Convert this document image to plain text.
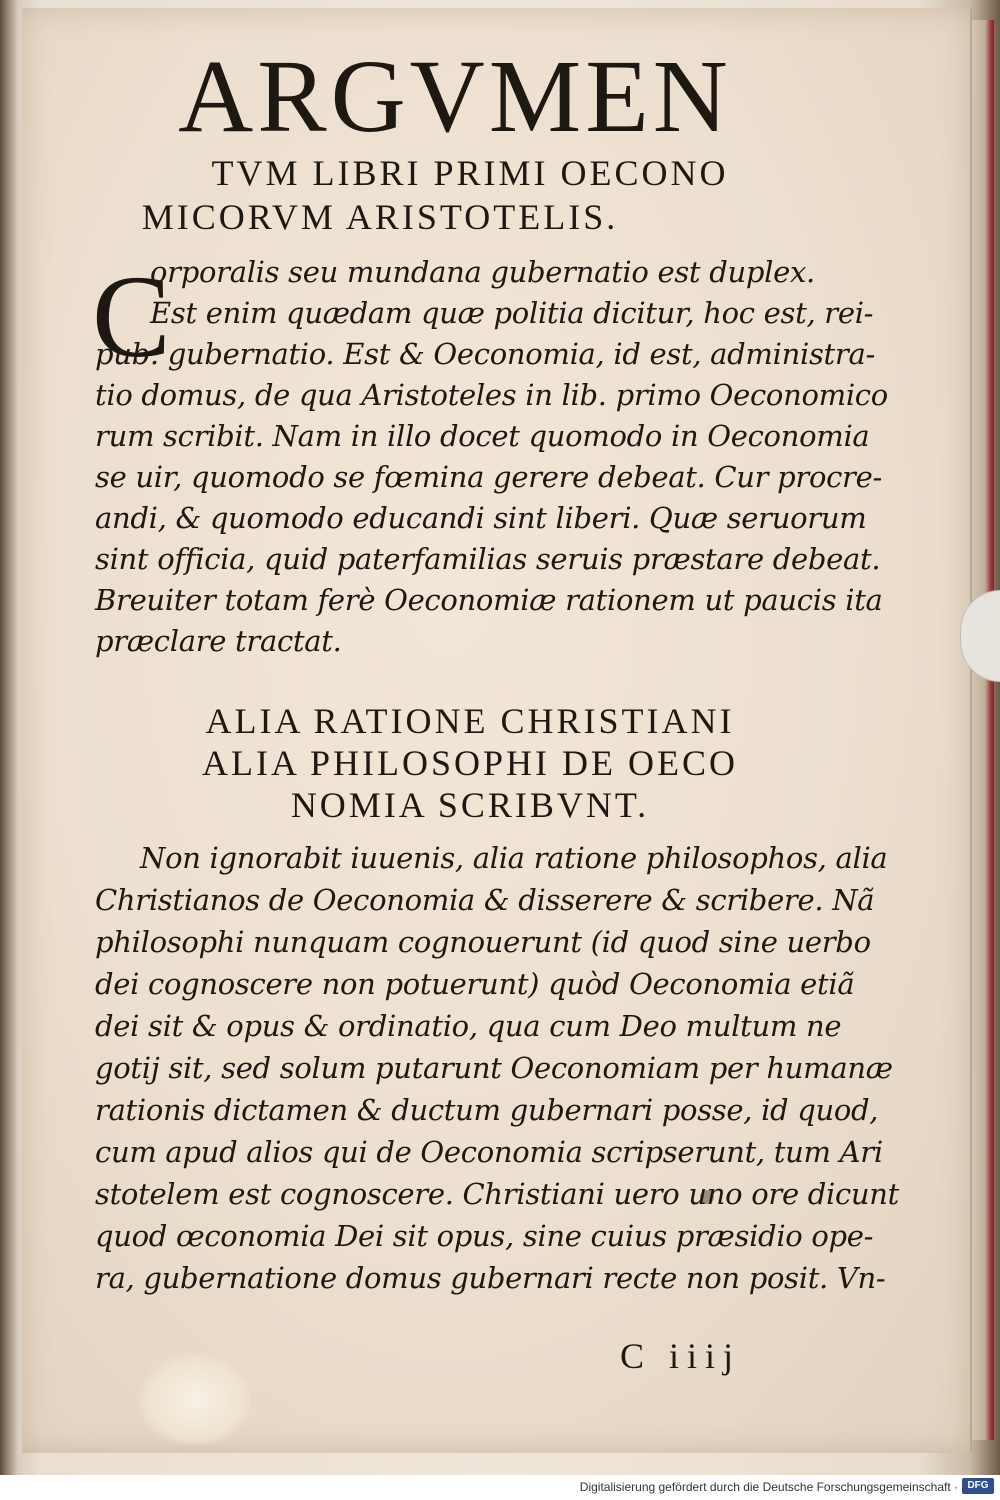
ARGVMEN
TVM LIBRI PRIMI OECONO
MICORVM ARISTOTELIS.
C
orporalis seu mundana gubernatio est duplex.
Est enim quædam quæ politia dicitur, hoc est, rei-
pub. gubernatio. Est & Oeconomia, id est, administra-
tio domus, de qua Aristoteles in lib. primo Oeconomico
rum scribit. Nam in illo docet quomodo in Oeconomia
se uir, quomodo se fœmina gerere debeat. Cur procre-
andi, & quomodo educandi sint liberi. Quæ seruorum
sint officia, quid paterfamilias seruis præstare debeat.
Breuiter totam ferè Oeconomiæ rationem ut paucis ita
præclare tractat.
ALIA RATIONE CHRISTIANI
ALIA PHILOSOPHI DE OECO
NOMIA SCRIBVNT.
Non ignorabit iuuenis, alia ratione philosophos, alia
Christianos de Oeconomia & disserere & scribere. Nã
philosophi nunquam cognouerunt (id quod sine uerbo
dei cognoscere non potuerunt) quòd Oeconomia etiã
dei sit & opus & ordinatio, qua cum Deo multum ne
gotij sit, sed solum putarunt Oeconomiam per humanæ
rationis dictamen & ductum gubernari posse, id quod,
cum apud alios qui de Oeconomia scripserunt, tum Ari
stotelem est cognoscere. Christiani uero uno ore dicunt
quod œconomia Dei sit opus, sine cuius præsidio ope-
ra, gubernatione domus gubernari recte non posit. Vn-
C iiij
Digitalisierung gefördert durch die Deutsche Forschungsgemeinschaft · DFG
